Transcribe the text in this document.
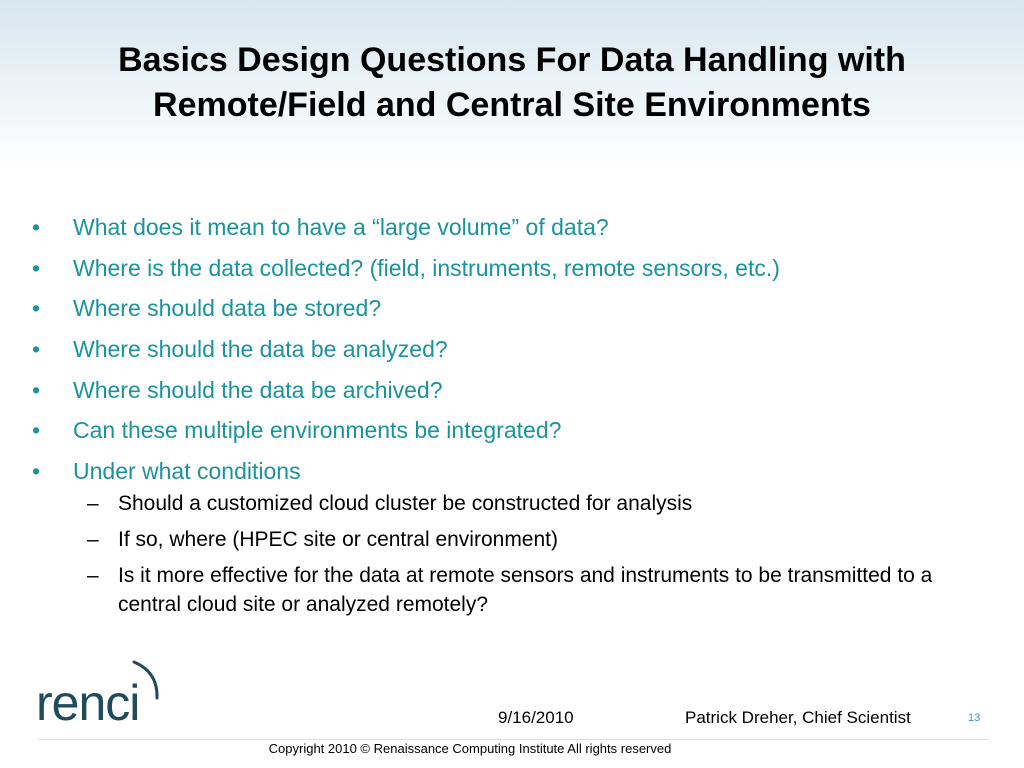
Basics Design Questions For Data Handling with
Remote/Field and Central Site Environments
• What does it mean to have a “large volume” of data?
• Where is the data collected? (field, instruments, remote sensors, etc.)
• Where should data be stored?
• Where should the data be analyzed?
• Where should the data be archived?
• Can these multiple environments be integrated?
• Under what conditions
– Should a customized cloud cluster be constructed for analysis
– If so, where (HPEC site or central environment)
– Is it more effective for the data at remote sensors and instruments to be transmitted to a central cloud site or analyzed remotely?
renci	9/16/2010	Patrick Dreher, Chief Scientist	13
Copyright 2010 © Renaissance Computing Institute All rights reserved
